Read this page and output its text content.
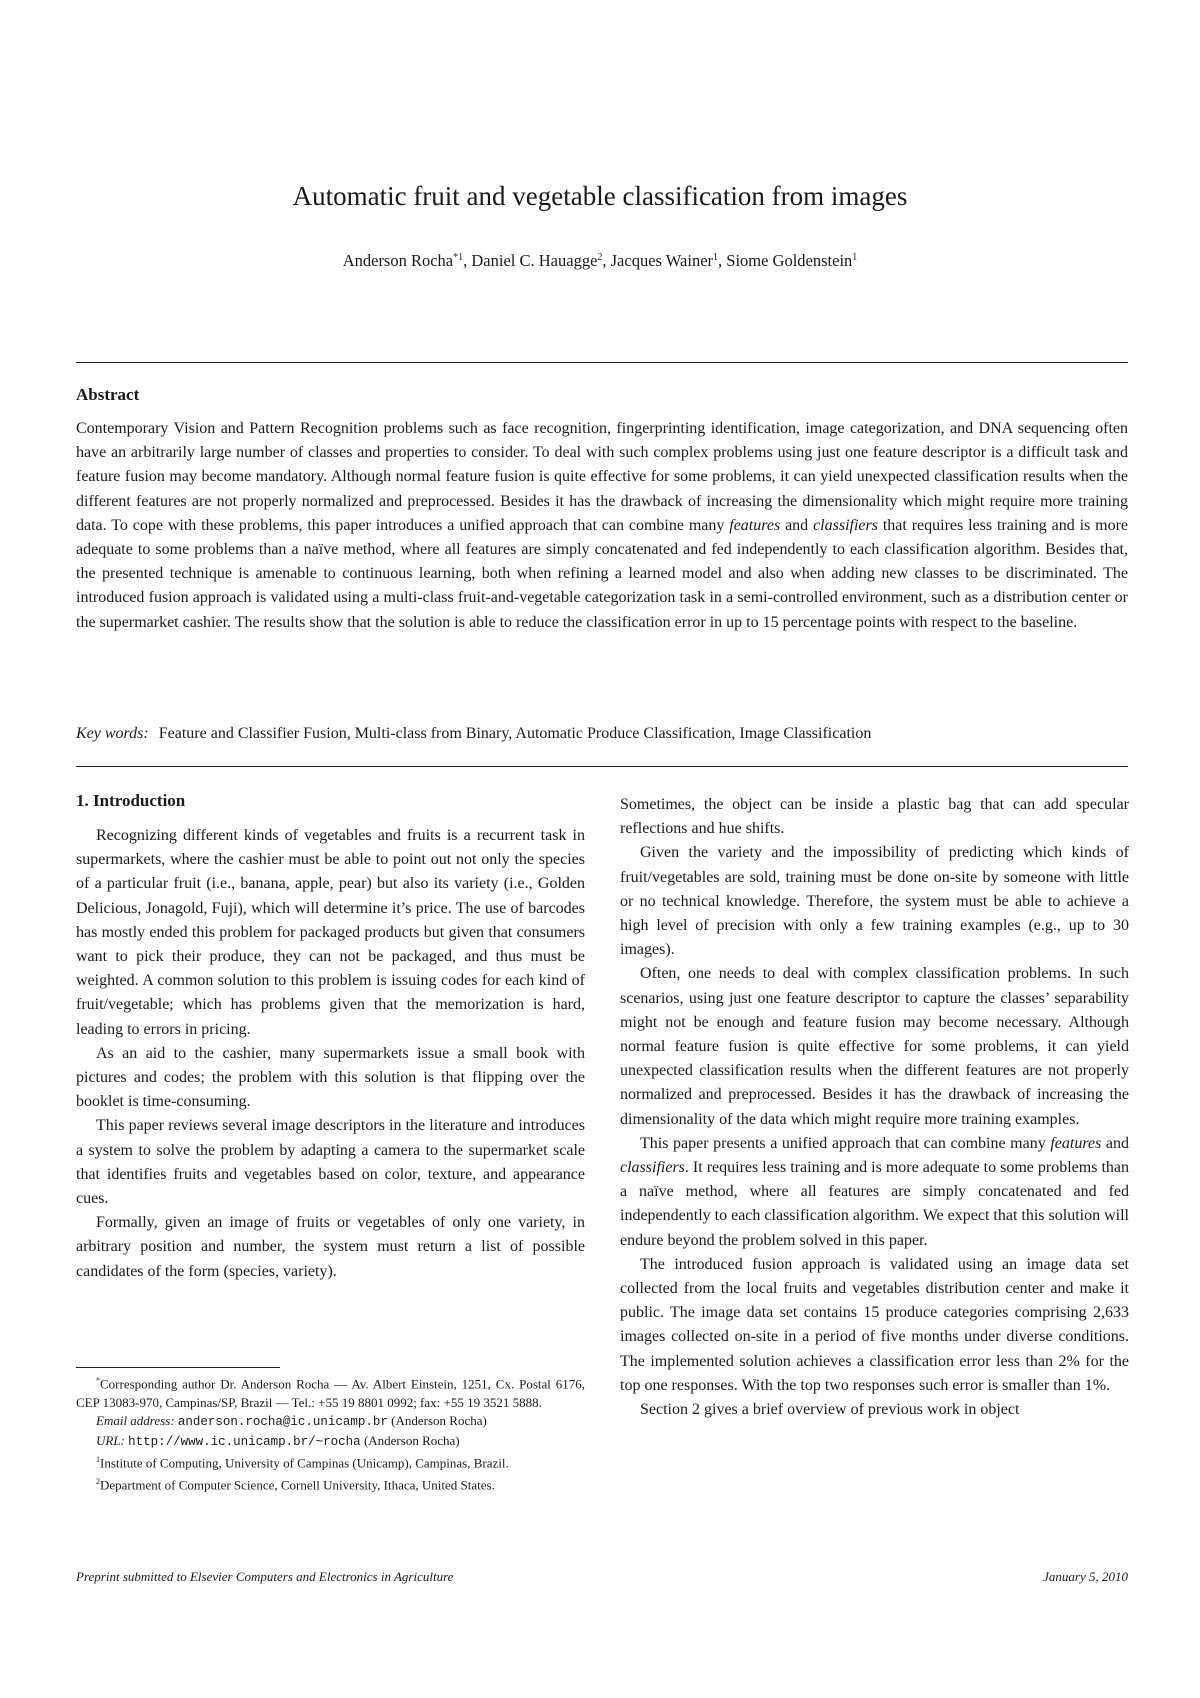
Automatic fruit and vegetable classification from images
Anderson Rocha$^{*1}$, Daniel C. Hauagge$^2$, Jacques Wainer$^1$, Siome Goldenstein$^1$
Abstract

Contemporary Vision and Pattern Recognition problems such as face recognition, fingerprinting identification, image categorization, and DNA sequencing often have an arbitrarily large number of classes and properties to consider. To deal with such complex problems using just one feature descriptor is a difficult task and feature fusion may become mandatory. Although normal feature fusion is quite effective for some problems, it can yield unexpected classification results when the different features are not properly normalized and preprocessed. Besides it has the drawback of increasing the dimensionality which might require more training data. To cope with these problems, this paper introduces a unified approach that can combine many features and classifiers that requires less training and is more adequate to some problems than a naïve method, where all features are simply concatenated and fed independently to each classification algorithm. Besides that, the presented technique is amenable to continuous learning, both when refining a learned model and also when adding new classes to be discriminated. The introduced fusion approach is validated using a multi-class fruit-and-vegetable categorization task in a semi-controlled environment, such as a distribution center or the supermarket cashier. The results show that the solution is able to reduce the classification error in up to 15 percentage points with respect to the baseline.

Key words: Feature and Classifier Fusion, Multi-class from Binary, Automatic Produce Classification, Image Classification

1. Introduction

Recognizing different kinds of vegetables and fruits is a recurrent task in supermarkets, where the cashier must be able to point out not only the species of a particular fruit (i.e., banana, apple, pear) but also its variety (i.e., Golden Delicious, Jonagold, Fuji), which will determine it’s price. The use of barcodes has mostly ended this problem for packaged products but given that consumers want to pick their produce, they can not be packaged, and thus must be weighted. A common solution to this problem is issuing codes for each kind of fruit/vegetable; which has problems given that the memorization is hard, leading to errors in pricing.

As an aid to the cashier, many supermarkets issue a small book with pictures and codes; the problem with this solution is that flipping over the booklet is time-consuming.

This paper reviews several image descriptors in the literature and introduces a system to solve the problem by adapting a camera to the supermarket scale that identifies fruits and vegetables based on color, texture, and appearance cues.

Formally, given an image of fruits or vegetables of only one variety, in arbitrary position and number, the system must return a list of possible candidates of the form (species, variety).

*Corresponding author Dr. Anderson Rocha — Av. Albert Einstein, 1251, Cx. Postal 6176, CEP 13083-970, Campinas/SP, Brazil — Tel.: +55 19 8801 0992; fax: +55 19 3521 5888.

Email address: anderson.rocha@ic.unicamp.br (Anderson Rocha)

URL: http://www.ic.unicamp.br/~rocha (Anderson Rocha)

$^1$Institute of Computing, University of Campinas (Unicamp), Campinas, Brazil.

$^2$Department of Computer Science, Cornell University, Ithaca, United States.

Sometimes, the object can be inside a plastic bag that can add specular reflections and hue shifts.

Given the variety and the impossibility of predicting which kinds of fruit/vegetables are sold, training must be done on-site by someone with little or no technical knowledge. Therefore, the system must be able to achieve a high level of precision with only a few training examples (e.g., up to 30 images).

Often, one needs to deal with complex classification problems. In such scenarios, using just one feature descriptor to capture the classes’ separability might not be enough and feature fusion may become necessary. Although normal feature fusion is quite effective for some problems, it can yield unexpected classification results when the different features are not properly normalized and preprocessed. Besides it has the drawback of increasing the dimensionality of the data which might require more training examples.

This paper presents a unified approach that can combine many features and classifiers. It requires less training and is more adequate to some problems than a naïve method, where all features are simply concatenated and fed independently to each classification algorithm. We expect that this solution will endure beyond the problem solved in this paper.

The introduced fusion approach is validated using an image data set collected from the local fruits and vegetables distribution center and make it public. The image data set contains 15 produce categories comprising 2,633 images collected on-site in a period of five months under diverse conditions. The implemented solution achieves a classification error less than 2% for the top one responses. With the top two responses such error is smaller than 1%.

Section 2 gives a brief overview of previous work in object

Preprint submitted to Elsevier Computers and Electronics in Agriculture	January 5, 2010
